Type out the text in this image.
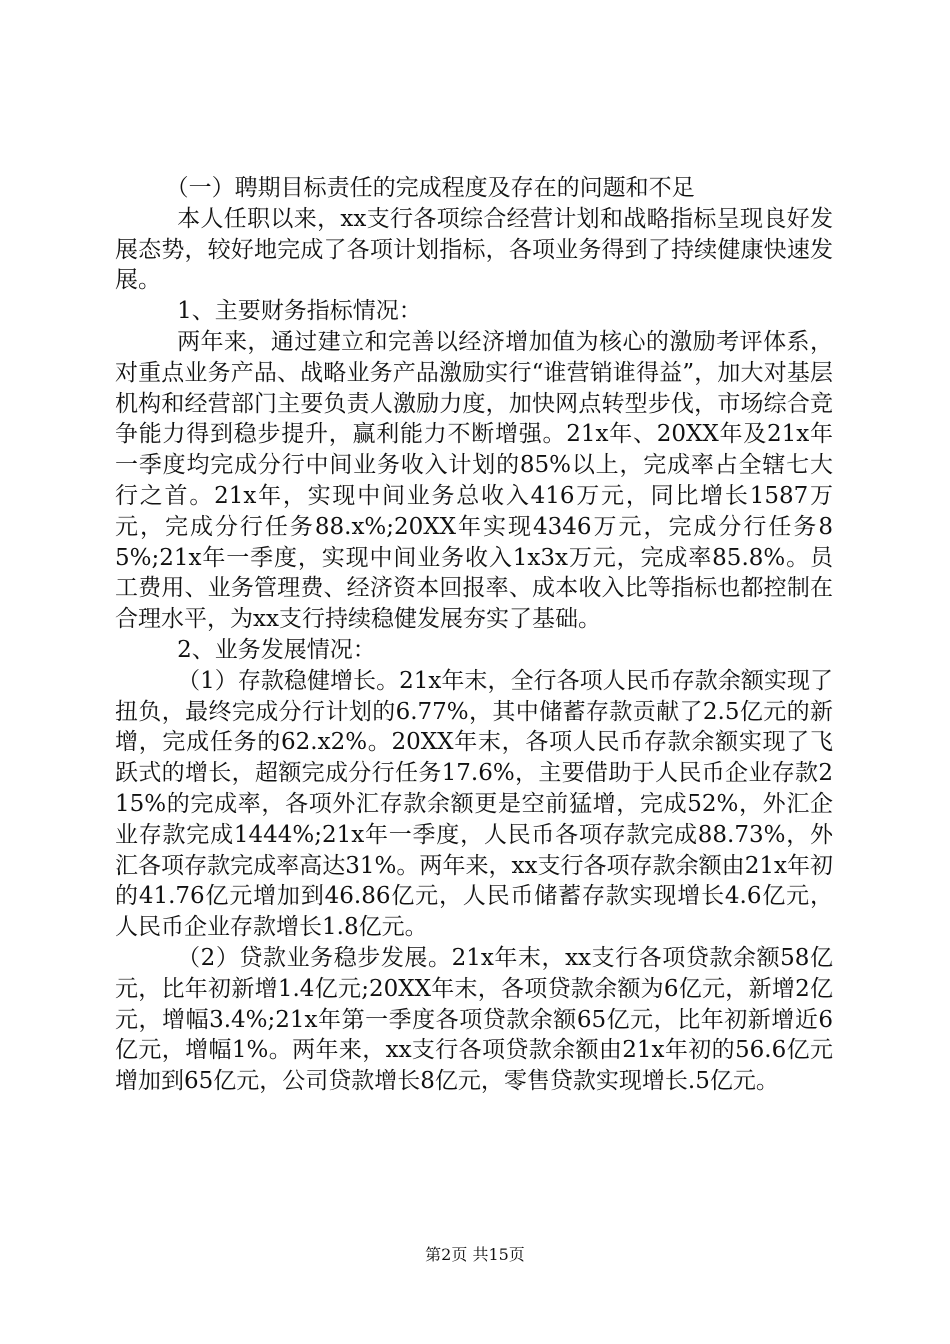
（一）聘期目标责任的完成程度及存在的问题和不足

本人任职以来，xx支行各项综合经营计划和战略指标呈现良好发展态势，较好地完成了各项计划指标，各项业务得到了持续健康快速发展。

1、主要财务指标情况：

两年来，通过建立和完善以经济增加值为核心的激励考评体系，对重点业务产品、战略业务产品激励实行“谁营销谁得益”，加大对基层机构和经营部门主要负责人激励力度，加快网点转型步伐，市场综合竞争能力得到稳步提升，赢利能力不断增强。21x年、20XX年及21x年一季度均完成分行中间业务收入计划的85%以上，完成率占全辖七大行之首。21x年，实现中间业务总收入416万元，同比增长1587万元，完成分行任务88.x%;20XX年实现4346万元，完成分行任务85%;21x年一季度，实现中间业务收入1x3x万元，完成率85.8%。员工费用、业务管理费、经济资本回报率、成本收入比等指标也都控制在合理水平，为xx支行持续稳健发展夯实了基础。

2、业务发展情况：

（1）存款稳健增长。21x年末，全行各项人民币存款余额实现了扭负，最终完成分行计划的6.77%，其中储蓄存款贡献了2.5亿元的新增，完成任务的62.x2%。20XX年末，各项人民币存款余额实现了飞跃式的增长，超额完成分行任务17.6%，主要借助于人民币企业存款215%的完成率，各项外汇存款余额更是空前猛增，完成52%，外汇企业存款完成1444%;21x年一季度，人民币各项存款完成88.73%，外汇各项存款完成率高达31%。两年来，xx支行各项存款余额由21x年初的41.76亿元增加到46.86亿元，人民币储蓄存款实现增长4.6亿元，人民币企业存款增长1.8亿元。

（2）贷款业务稳步发展。21x年末，xx支行各项贷款余额58亿元，比年初新增1.4亿元;20XX年末，各项贷款余额为6亿元，新增2亿元，增幅3.4%;21x年第一季度各项贷款余额65亿元，比年初新增近6亿元，增幅1%。两年来，xx支行各项贷款余额由21x年初的56.6亿元增加到65亿元，公司贷款增长8亿元，零售贷款实现增长.5亿元。

第2页 共15页
